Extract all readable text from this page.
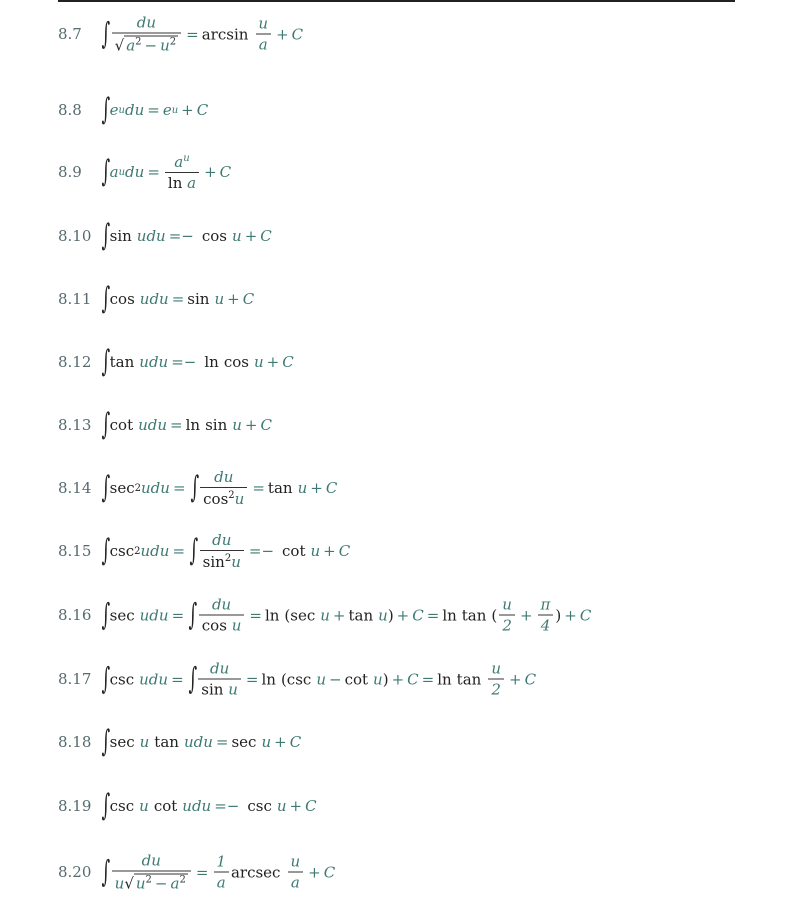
8.7 ∫ $\frac{du}{√ a^2 - u^2} = \arcsin \frac{u}{a} + C$
8.8 ∫ e u du = e u + C
8.9 ∫ a u du = $\frac{a^u}{\text{ln a}} + C$
8.10 ∫ sin udu =− cos u + C
8.11 ∫ cos udu = sin u + C
8.12 ∫ tan udu =− ln cos u + C
8.13 ∫ cot udu = ln sin u + C
8.14 ∫ sec 2 udu = ∫ $\frac{du}{\cos^2u} = \tan u + C$
8.15 ∫ csc 2 udu = ∫ $\frac{du}{\sin^2u} =- \cot u + C$
8.16 ∫ sec udu = ∫ $\frac{du}{\text{cos u}} = \ln (\sec$ u + tan u ) + C = ln tan ( $\frac{u}{2} + \frac{\pi}{4}$ ) + C
8.17 ∫ csc udu = ∫ $\frac{du}{\text{sin u}} = \ln (\csc$ u − cot u ) + $C = \ln \tan \frac{u}{2} + C$
8.18 ∫ sec u tan udu = sec u + C
8.19 ∫ csc u cot udu =− csc u + C
8.20 ∫ $\frac{du}{u √ u^2 - a^2} = \frac{1}{a}$ arcsec $\frac{u}{a} + C$
